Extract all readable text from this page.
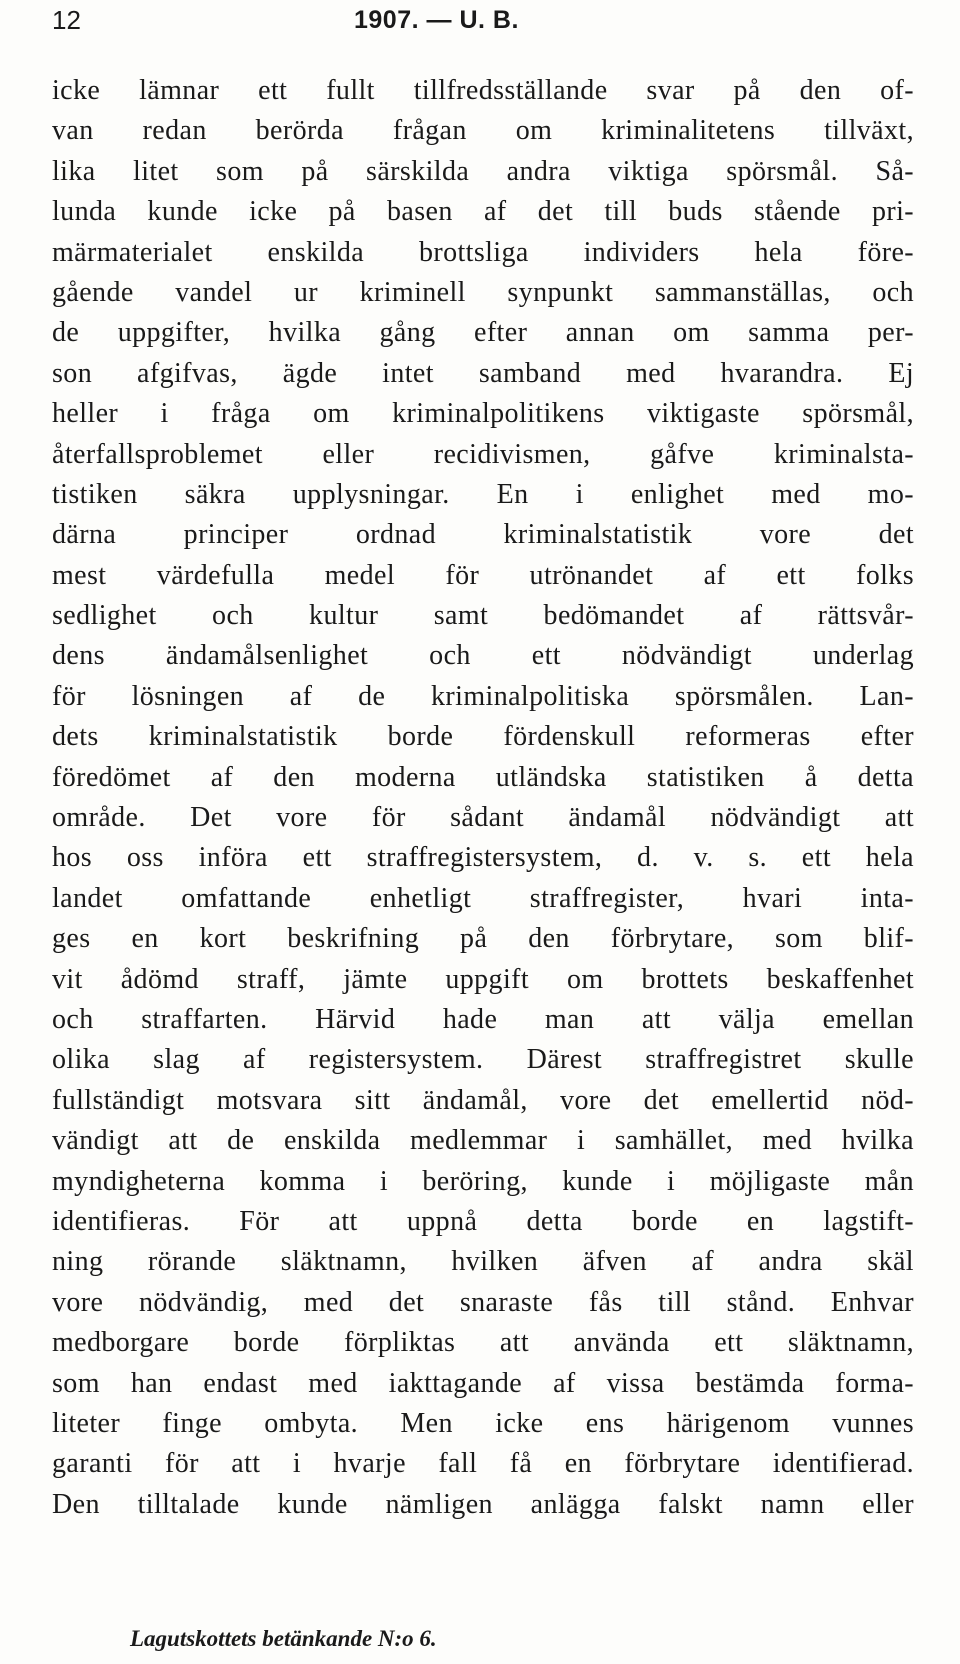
12	1907. — U. B.
icke lämnar ett fullt tillfredsställande svar på den of-
van redan berörda frågan om kriminalitetens tillväxt,
lika litet som på särskilda andra viktiga spörsmål. Så-
lunda kunde icke på basen af det till buds stående pri-
märmaterialet enskilda brottsliga individers hela före-
gående vandel ur kriminell synpunkt sammanställas, och
de uppgifter, hvilka gång efter annan om samma per-
son afgifvas, ägde intet samband med hvarandra. Ej
heller i fråga om kriminalpolitikens viktigaste spörsmål,
återfallsproblemet eller recidivismen, gåfve kriminalsta-
tistiken säkra upplysningar. En i enlighet med mo-
därna principer ordnad kriminalstatistik vore det
mest värdefulla medel för utrönandet af ett folks
sedlighet och kultur samt bedömandet af rättsvår-
dens ändamålsenlighet och ett nödvändigt underlag
för lösningen af de kriminalpolitiska spörsmålen. Lan-
dets kriminalstatistik borde fördenskull reformeras efter
föredömet af den moderna utländska statistiken å detta
område. Det vore för sådant ändamål nödvändigt att
hos oss införa ett straffregistersystem, d. v. s. ett hela
landet omfattande enhetligt straffregister, hvari inta-
ges en kort beskrifning på den förbrytare, som blif-
vit ådömd straff, jämte uppgift om brottets beskaffenhet
och straffarten. Härvid hade man att välja emellan
olika slag af registersystem. Därest straffregistret skulle
fullständigt motsvara sitt ändamål, vore det emellertid nöd-
vändigt att de enskilda medlemmar i samhället, med hvilka
myndigheterna komma i beröring, kunde i möjligaste mån
identifieras. För att uppnå detta borde en lagstift-
ning rörande släktnamn, hvilken äfven af andra skäl
vore nödvändig, med det snaraste fås till stånd. Enhvar
medborgare borde förpliktas att använda ett släktnamn,
som han endast med iakttagande af vissa bestämda forma-
liteter finge ombyta. Men icke ens härigenom vunnes
garanti för att i hvarje fall få en förbrytare identifierad.
Den tilltalade kunde nämligen anlägga falskt namn eller
Lagutskottets betänkande N:o 6.
